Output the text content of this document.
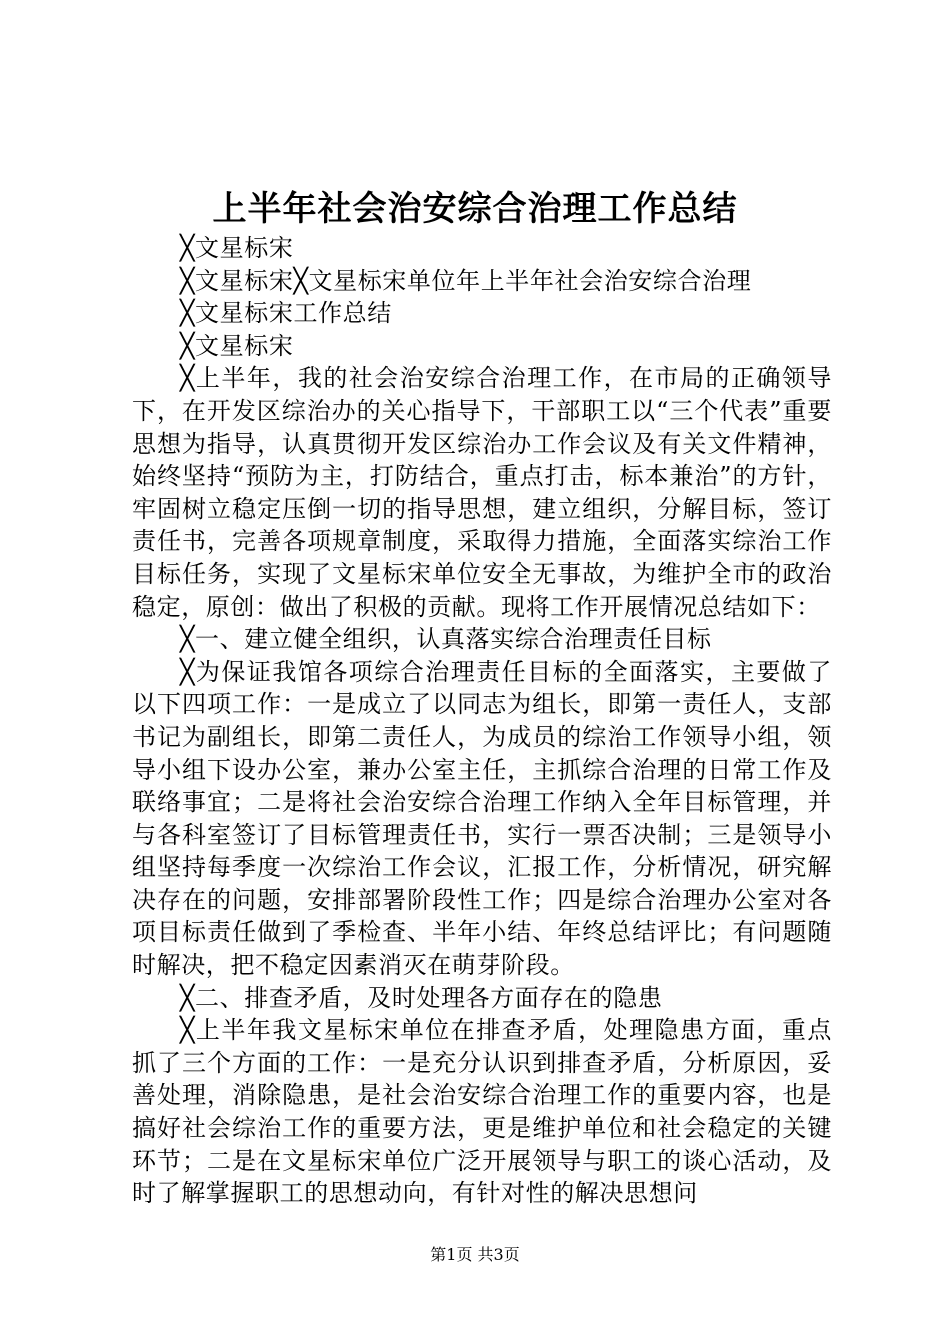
上半年社会治安综合治理工作总结

╳文星标宋

╳文星标宋╳文星标宋单位年上半年社会治安综合治理

╳文星标宋工作总结

╳文星标宋

╳上半年，我的社会治安综合治理工作，在市局的正确领导下，在开发区综治办的关心指导下，干部职工以“三个代表”重要思想为指导，认真贯彻开发区综治办工作会议及有关文件精神，始终坚持“预防为主，打防结合，重点打击，标本兼治”的方针，牢固树立稳定压倒一切的指导思想，建立组织，分解目标，签订责任书，完善各项规章制度，采取得力措施，全面落实综治工作目标任务，实现了文星标宋单位安全无事故，为维护全市的政治稳定，原创：做出了积极的贡献。现将工作开展情况总结如下：

╳一、建立健全组织，认真落实综合治理责任目标

╳为保证我馆各项综合治理责任目标的全面落实，主要做了以下四项工作：一是成立了以同志为组长，即第一责任人，支部书记为副组长，即第二责任人，为成员的综治工作领导小组，领导小组下设办公室，兼办公室主任，主抓综合治理的日常工作及联络事宜；二是将社会治安综合治理工作纳入全年目标管理，并与各科室签订了目标管理责任书，实行一票否决制；三是领导小组坚持每季度一次综治工作会议，汇报工作，分析情况，研究解决存在的问题，安排部署阶段性工作；四是综合治理办公室对各项目标责任做到了季检查、半年小结、年终总结评比；有问题随时解决，把不稳定因素消灭在萌芽阶段。

╳二、排查矛盾，及时处理各方面存在的隐患

╳上半年我文星标宋单位在排查矛盾，处理隐患方面，重点抓了三个方面的工作：一是充分认识到排查矛盾，分析原因，妥善处理，消除隐患，是社会治安综合治理工作的重要内容，也是搞好社会综治工作的重要方法，更是维护单位和社会稳定的关键环节；二是在文星标宋单位广泛开展领导与职工的谈心活动，及时了解掌握职工的思想动向，有针对性的解决思想问

第1页 共3页
